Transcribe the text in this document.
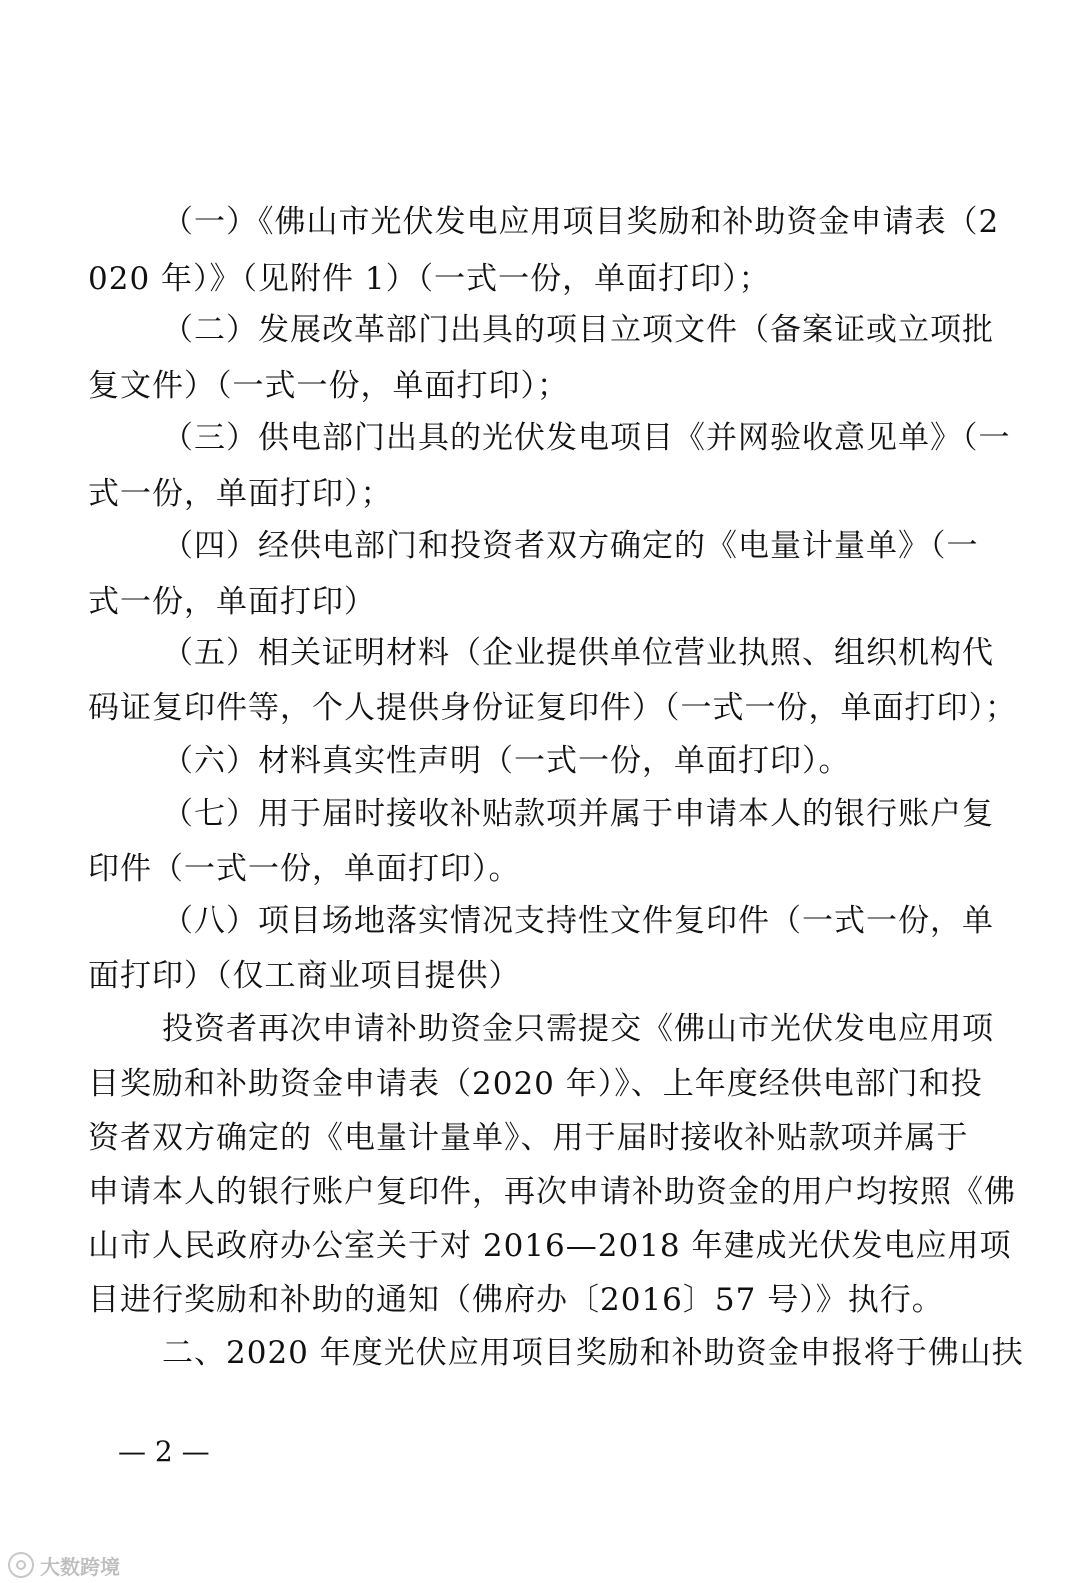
（一）《佛山市光伏发电应用项目奖励和补助资金申请表（2
020 年）》（见附件 1）（一式一份，单面打印）；
（二）发展改革部门出具的项目立项文件（备案证或立项批
复文件）（一式一份，单面打印）；
（三）供电部门出具的光伏发电项目《并网验收意见单》（一
式一份，单面打印）；
（四）经供电部门和投资者双方确定的《电量计量单》（一
式一份，单面打印）
（五）相关证明材料（企业提供单位营业执照、组织机构代
码证复印件等，个人提供身份证复印件）（一式一份，单面打印）；
（六）材料真实性声明（一式一份，单面打印）。
（七）用于届时接收补贴款项并属于申请本人的银行账户复
印件（一式一份，单面打印）。
（八）项目场地落实情况支持性文件复印件（一式一份，单
面打印）（仅工商业项目提供）
投资者再次申请补助资金只需提交《佛山市光伏发电应用项
目奖励和补助资金申请表（2020 年）》、上年度经供电部门和投
资者双方确定的《电量计量单》、用于届时接收补贴款项并属于
申请本人的银行账户复印件，再次申请补助资金的用户均按照《佛
山市人民政府办公室关于对 2016—2018 年建成光伏发电应用项
目进行奖励和补助的通知（佛府办〔2016〕57 号）》执行。
二、2020 年度光伏应用项目奖励和补助资金申报将于佛山扶
— 2 —
大数跨境
